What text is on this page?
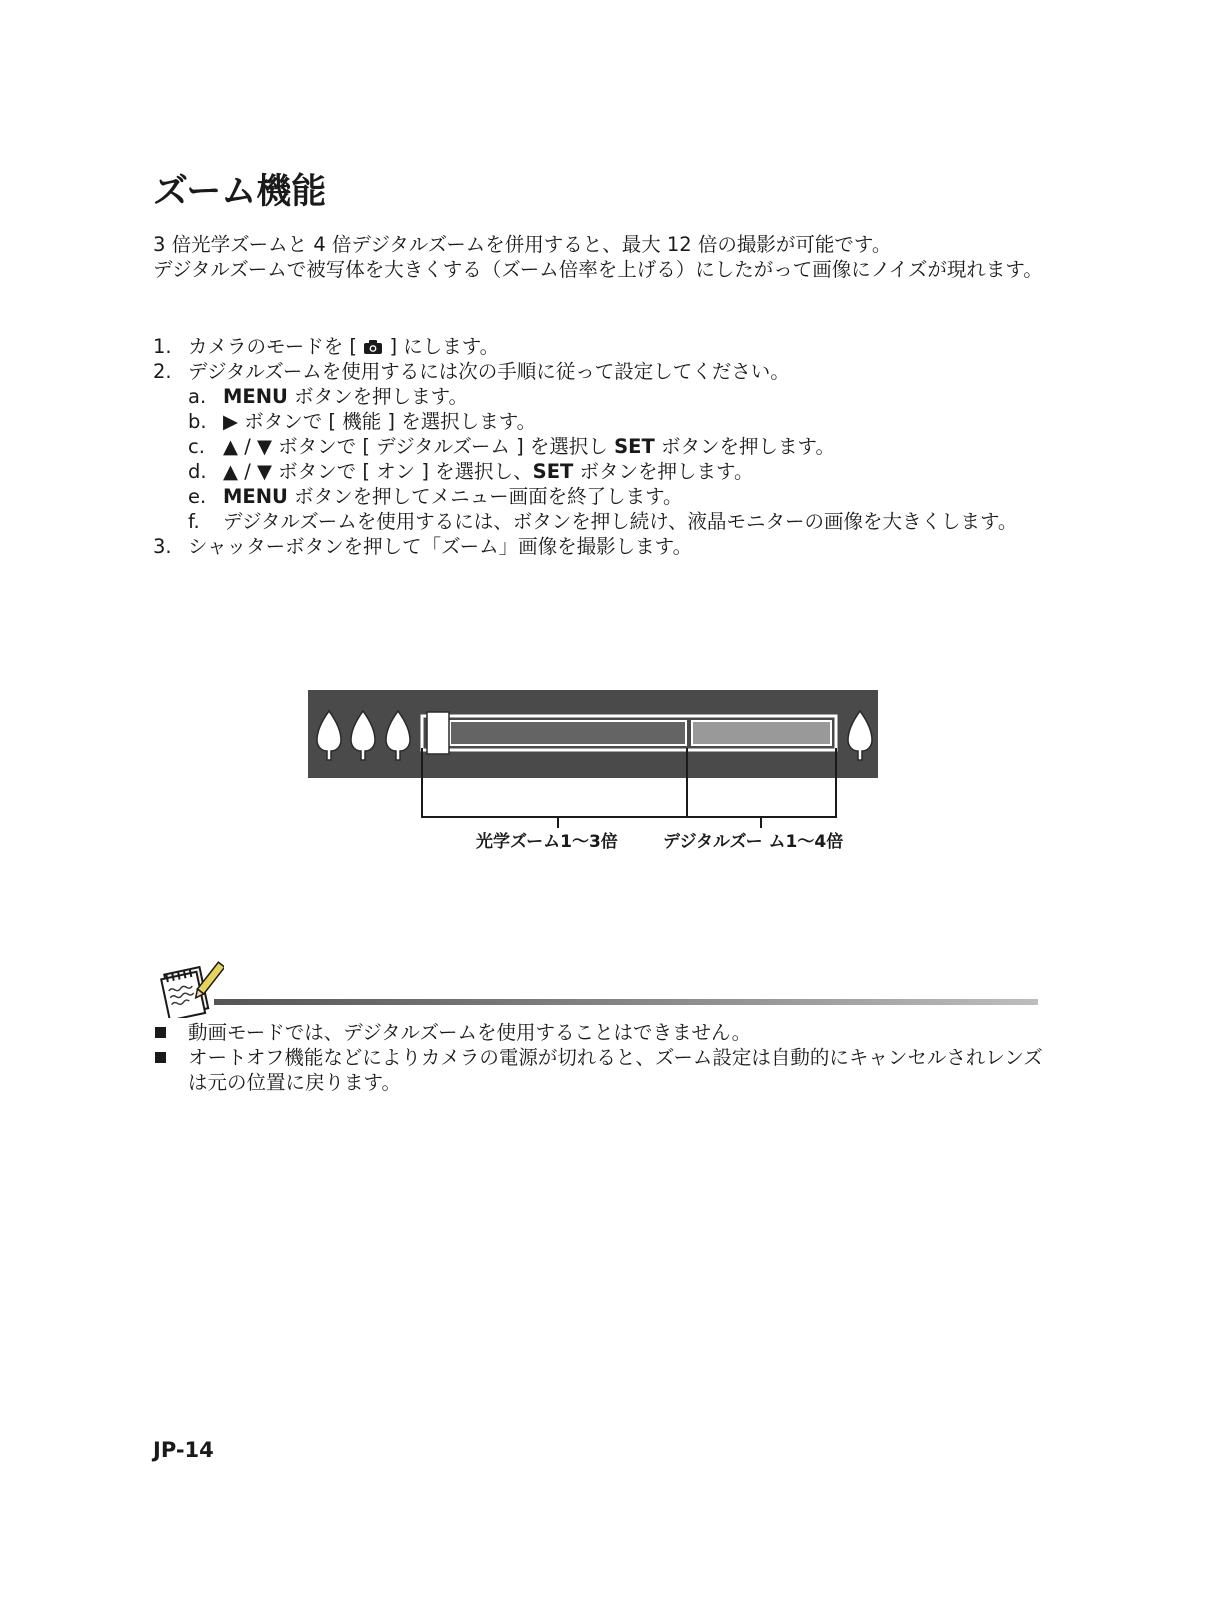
ズーム機能

3 倍光学ズームと 4 倍デジタルズームを併用すると、最大 12 倍の撮影が可能です。

デジタルズームで被写体を大きくする（ズーム倍率を上げる）にしたがって画像にノイズが現れます。

1. カメラのモードを [ ] にします。
2. デジタルズームを使用するには次の手順に従って設定してください。
a. MENU ボタンを押します。
b. ▶ ボタンで [ 機能 ] を選択します。
c. ▲ / ▼ ボタンで [ デジタルズーム ] を選択し SET ボタンを押します。
d. ▲ / ▼ ボタンで [ オン ] を選択し、SET ボタンを押します。
e. MENU ボタンを押してメニュー画面を終了します。
f. デジタルズームを使用するには、ボタンを押し続け、液晶モニターの画像を大きくします。
3. シャッターボタンを押して「ズーム」画像を撮影します。
光学ズーム1～3倍	デジタルズー ム1～4倍
動画モードでは、デジタルズームを使用することはできません。
オートオフ機能などによりカメラの電源が切れると、ズーム設定は自動的にキャンセルされレンズは元の位置に戻ります。
JP-14
